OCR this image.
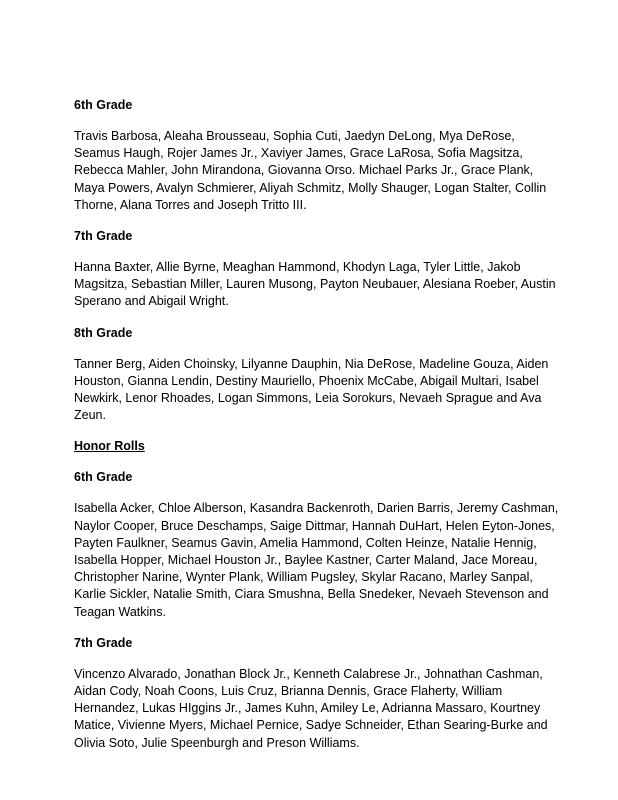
6th Grade
Travis Barbosa, Aleaha Brousseau, Sophia Cuti, Jaedyn DeLong, Mya DeRose,
Seamus Haugh, Rojer James Jr., Xaviyer James, Grace LaRosa, Sofia Magsitza,
Rebecca Mahler, John Mirandona, Giovanna Orso. Michael Parks Jr., Grace Plank,
Maya Powers, Avalyn Schmierer, Aliyah Schmitz, Molly Shauger, Logan Stalter, Collin
Thorne, Alana Torres and Joseph Tritto III.
7th Grade
Hanna Baxter, Allie Byrne, Meaghan Hammond, Khodyn Laga, Tyler Little, Jakob
Magsitza, Sebastian Miller, Lauren Musong, Payton Neubauer, Alesiana Roeber, Austin
Sperano and Abigail Wright.
8th Grade
Tanner Berg, Aiden Choinsky, Lilyanne Dauphin, Nia DeRose, Madeline Gouza, Aiden
Houston, Gianna Lendin, Destiny Mauriello, Phoenix McCabe, Abigail Multari, Isabel
Newkirk, Lenor Rhoades, Logan Simmons, Leia Sorokurs, Nevaeh Sprague and Ava
Zeun.
Honor Rolls
6th Grade
Isabella Acker, Chloe Alberson, Kasandra Backenroth, Darien Barris, Jeremy Cashman,
Naylor Cooper, Bruce Deschamps, Saige Dittmar, Hannah DuHart, Helen Eyton-Jones,
Payten Faulkner, Seamus Gavin, Amelia Hammond, Colten Heinze, Natalie Hennig,
Isabella Hopper, Michael Houston Jr., Baylee Kastner, Carter Maland, Jace Moreau,
Christopher Narine, Wynter Plank, William Pugsley, Skylar Racano, Marley Sanpal,
Karlie Sickler, Natalie Smith, Ciara Smushna, Bella Snedeker, Nevaeh Stevenson and
Teagan Watkins.
7th Grade
Vincenzo Alvarado, Jonathan Block Jr., Kenneth Calabrese Jr., Johnathan Cashman,
Aidan Cody, Noah Coons, Luis Cruz, Brianna Dennis, Grace Flaherty, William
Hernandez, Lukas HIggins Jr., James Kuhn, Amiley Le, Adrianna Massaro, Kourtney
Matice, Vivienne Myers, Michael Pernice, Sadye Schneider, Ethan Searing-Burke and
Olivia Soto, Julie Speenburgh and Preson Williams.
